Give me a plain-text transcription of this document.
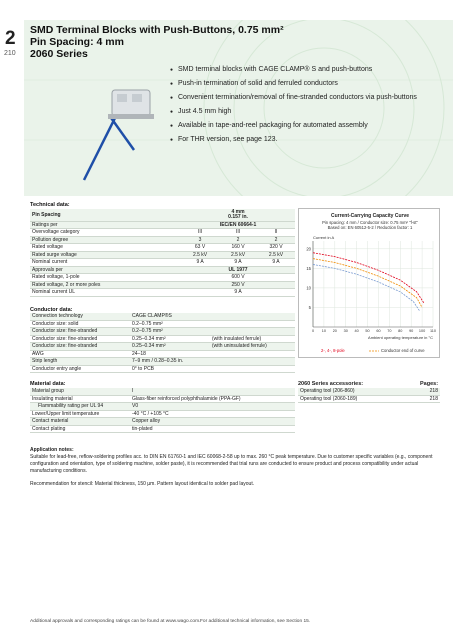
2
210
SMD Terminal Blocks with Push-Buttons, 0.75 mm²
Pin Spacing: 4 mm
2060 Series
● SMD terminal blocks with CAGE CLAMP® S and push-buttons
● Push-in termination of solid and ferruled conductors
● Convenient termination/removal of fine-stranded conductors via push-buttons
● Just 4.5 mm high
● Available in tape-and-reel packaging for automated assembly
● For THR version, see page 123.
Technical data:
Pin Spacing	4 mm
0.157 in.		

Ratings per	IEC/EN 60664-1		
Overvoltage category	III	III	II
Pollution degree	3	2	2
Rated voltage	63 V	160 V	320 V
Rated surge voltage	2.5 kV	2.5 kV	2.5 kV
Nominal current	9 A	9 A	9 A
Approvals per	UL 1977		
Rated voltage, 1-pole	600 V		
Rated voltage, 2 or more poles	250 V		
Nominal current UL	9 A		
Conductor data:
Connection technology	CAGE CLAMP®S	
Conductor size: solid	0.2–0.75 mm²	
Conductor size: fine-stranded	0.2–0.75 mm²	
Conductor size: fine-stranded	0.25–0.34 mm²	(with insulated ferrule)
Conductor size: fine-stranded	0.25–0.34 mm²	(with uninsulated ferrule)
AWG	24–18	
Strip length	7–9 mm / 0.28–0.35 in.	
Conductor entry angle	0° to PCB	
Material data:
Material group	I
Insulating material	Glass-fiber reinforced polyphthalamide (PPA-GF)
Flammability rating per UL 94	V0
Lower/Upper limit temperature	-40 °C / +105 °C
Contact material	Copper alloy
Contact plating	tin-plated
Current-Carrying Capacity Curve
Pin spacing: 4 mm / Conductor size: 0.75 mm² "f-st"
Based on: EN 60512-5-2 / Reduction factor: 1
5
10
15
20
0 10 20 30 40 50 60 70 80 90 100 110
Current in A
Ambient operating temperature in °C
2-, 4-, 8-pole	Conductor end of curve
2060 Series accessories:	Pages:
Operating tool (206-860)	218
Operating tool (2060-189)	218
Application notes:
Suitable for lead-free, reflow-soldering profiles acc. to DIN EN 61760-1 and IEC 60068-2-58 up to max. 260 °C peak temperature. Due to customer specific variables (e.g., component configuration and orientation, type of soldering machine, solder paste), it is recommended that trial runs are conducted to ensure product and process compatibility under actual manufacturing conditions.
Recommendation for stencil: Material thickness, 150 µm. Pattern layout identical to solder pad layout.
Additional approvals and corresponding ratings can be found at www.wago.com. For additional technical information, see Section 15.
